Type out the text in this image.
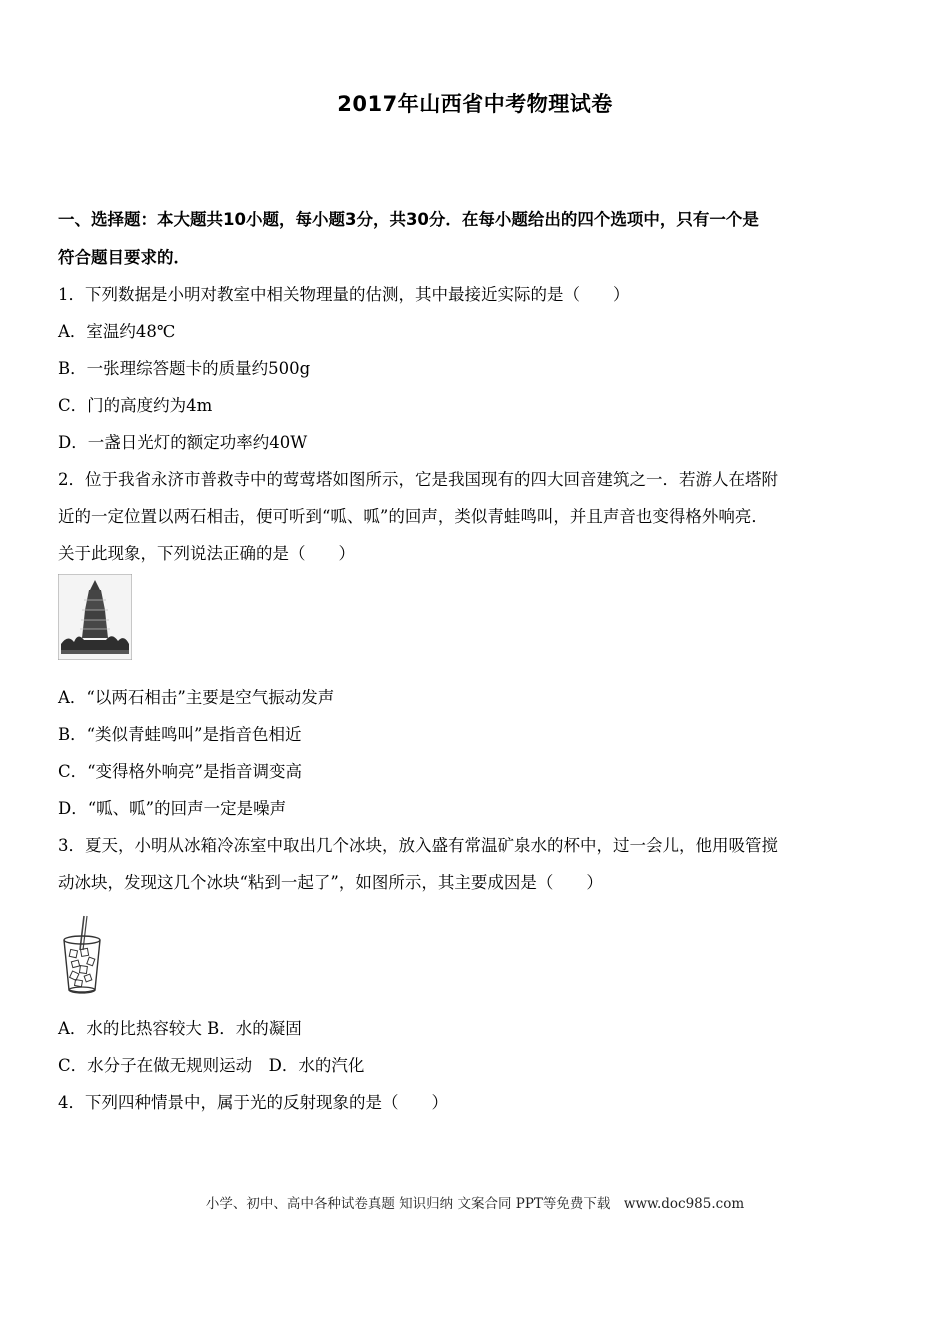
2017年山西省中考物理试卷
一、选择题：本大题共10小题，每小题3分，共30分．在每小题给出的四个选项中，只有一个是
符合题目要求的．
1．下列数据是小明对教室中相关物理量的估测，其中最接近实际的是（　　）
A．室温约48℃
B．一张理综答题卡的质量约500g
C．门的高度约为4m
D．一盏日光灯的额定功率约40W
2．位于我省永济市普救寺中的莺莺塔如图所示，它是我国现有的四大回音建筑之一．若游人在塔附
近的一定位置以两石相击，便可听到“呱、呱”的回声，类似青蛙鸣叫，并且声音也变得格外响亮．
关于此现象，下列说法正确的是（　　）
A．“以两石相击”主要是空气振动发声
B．“类似青蛙鸣叫”是指音色相近
C．“变得格外响亮”是指音调变高
D．“呱、呱”的回声一定是噪声
3．夏天，小明从冰箱冷冻室中取出几个冰块，放入盛有常温矿泉水的杯中，过一会儿，他用吸管搅
动冰块，发现这几个冰块“粘到一起了”，如图所示，其主要成因是（　　）
A．水的比热容较大 B．水的凝固
C．水分子在做无规则运动　D．水的汽化
4．下列四种情景中，属于光的反射现象的是（　　）
小学、初中、高中各种试卷真题 知识归纳 文案合同 PPT等免费下载　www.doc985.com
